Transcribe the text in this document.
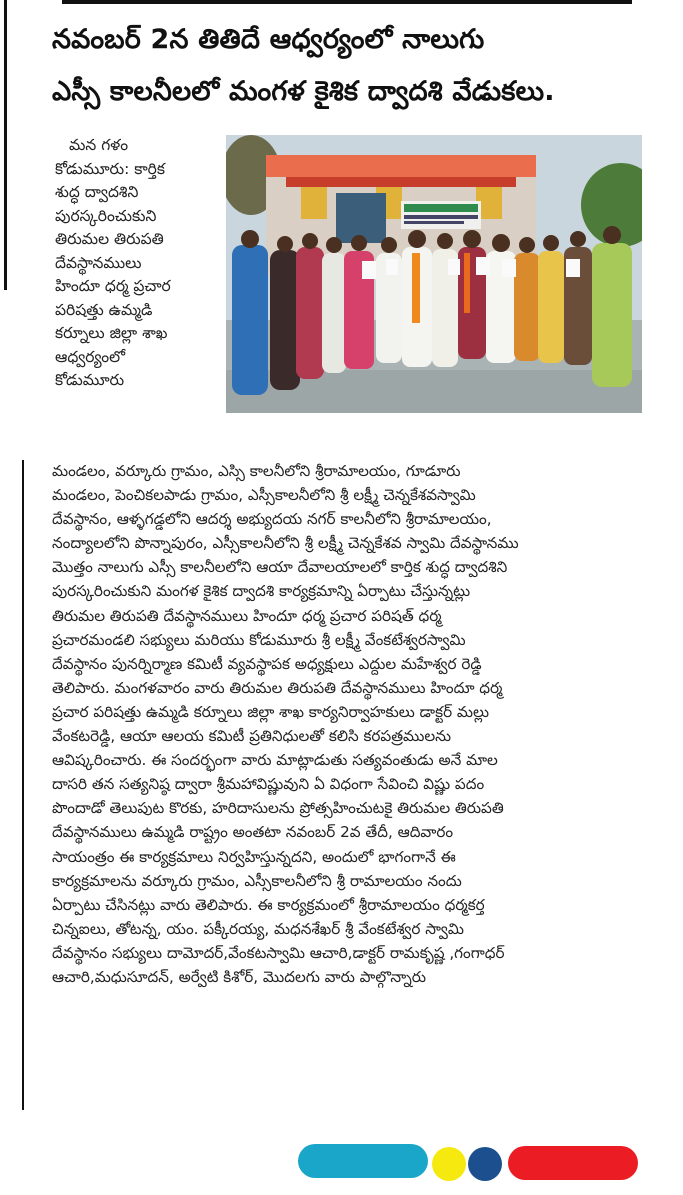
నవంబర్ 2న తితిదే ఆధ్వర్యంలో నాలుగు
ఎస్సీ కాలనీలలో మంగళ కైశిక ద్వాదశి వేడుకలు.
మన గళం
కోడుమూరు: కార్తిక
శుద్ధ ద్వాదశిని
పురస్కరించుకుని
తిరుమల తిరుపతి
దేవస్థానములు
హిందూ ధర్మ ప్రచార
పరిషత్తు ఉమ్మడి
కర్నూలు జిల్లా శాఖ
ఆధ్వర్యంలో
కోడుమూరు
మండలం, వర్కూరు గ్రామం, ఎస్సి కాలనీలోని శ్రీరామాలయం, గూడూరు
మండలం, పెంచికలపాడు గ్రామం, ఎస్సీకాలనీలోని శ్రీ లక్ష్మీ చెన్నకేశవస్వామి
దేవస్థానం, ఆళ్ళగడ్డలోని ఆదర్శ అభ్యుదయ నగర్ కాలనీలోని శ్రీరామాలయం,
నంద్యాలలోని పొన్నాపురం, ఎస్సీకాలనీలోని శ్రీ లక్ష్మీ చెన్నకేశవ స్వామి దేవస్థానము
మొత్తం నాలుగు ఎస్సీ కాలనీలలోని ఆయా దేవాలయాలలో కార్తిక శుద్ధ ద్వాదశిని
పురస్కరించుకుని మంగళ కైశిక ద్వాదశి కార్యక్రమాన్ని ఏర్పాటు చేస్తున్నట్లు
తిరుమల తిరుపతి దేవస్థానములు హిందూ ధర్మ ప్రచార పరిషత్ ధర్మ
ప్రచారమండలి సభ్యులు మరియు కోడుమూరు శ్రీ లక్ష్మీ వేంకటేశ్వరస్వామి
దేవస్థానం పునర్నిర్మాణ కమిటీ వ్యవస్థాపక అధ్యక్షులు ఎద్దుల మహేశ్వర రెడ్డి
తెలిపారు. మంగళవారం వారు తిరుమల తిరుపతి దేవస్థానములు హిందూ ధర్మ
ప్రచార పరిషత్తు ఉమ్మడి కర్నూలు జిల్లా శాఖ కార్యనిర్వాహకులు డాక్టర్ మల్లు
వేంకటరెడ్డి, ఆయా ఆలయ కమిటీ ప్రతినిధులతో కలిసి కరపత్రములను
ఆవిష్కరించారు. ఈ సందర్భంగా వారు మాట్లాడుతు సత్యవంతుడు అనే మాల
దాసరి తన సత్యనిష్ఠ ద్వారా శ్రీమహావిష్ణువుని ఏ విధంగా సేవించి విష్ణు పదం
పొందాడో తెలుపుట కొరకు, హరిదాసులను ప్రోత్సహించుటకై తిరుమల తిరుపతి
దేవస్థానములు ఉమ్మడి రాష్ట్రం అంతటా నవంబర్ 2వ తేదీ, ఆదివారం
సాయంత్రం ఈ కార్యక్రమాలు నిర్వహిస్తున్నదని, అందులో భాగంగానే ఈ
కార్యక్రమాలను వర్కూరు గ్రామం, ఎస్సీకాలనీలోని శ్రీ రామాలయం నందు
ఏర్పాటు చేసినట్లు వారు తెలిపారు. ఈ కార్యక్రమంలో శ్రీరామాలయం ధర్మకర్త
చిన్నఐలు, తోటన్న, యం. పక్కీరయ్య, మధనశేఖర్ శ్రీ వేంకటేశ్వర స్వామి
దేవస్థానం సభ్యులు దామోదర్,వేంకటస్వామి ఆచారి,డాక్టర్ రామకృష్ణ ,గంగాధర్
ఆచారి,మధుసూదన్, అర్వేటి కిశోర్, మొదలగు వారు పాల్గొన్నారు
